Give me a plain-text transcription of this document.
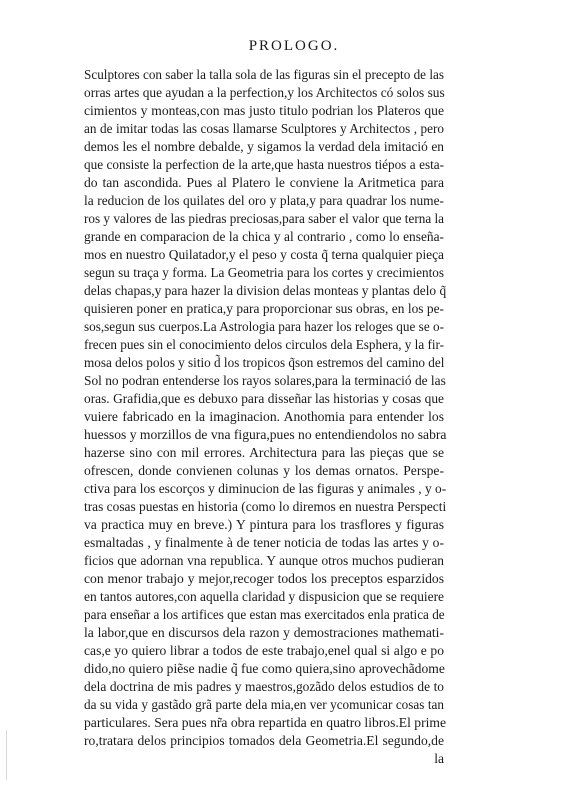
PROLOGO.
Sculptores con saber la talla sola de las figuras sin el precepto de las
orras artes que ayudan a la perfection,y los Architectos có solos sus
cimientos y monteas,con mas justo titulo podrian los Plateros que
an de imitar todas las cosas llamarse Sculptores y Architectos , pero
demos les el nombre debalde, y sigamos la verdad dela imitació en
que consiste la perfection de la arte,que hasta nuestros tiépos a esta-
do tan ascondida. Pues al Platero le conviene la Aritmetica para
la reducion de los quilates del oro y plata,y para quadrar los nume-
ros y valores de las piedras preciosas,para saber el valor que terna la
grande en comparacion de la chica y al contrario , como lo enseña-
mos en nuestro Quilatador,y el peso y costa q̃ terna qualquier pieça
segun su traça y forma. La Geometria para los cortes y crecimientos
delas chapas,y para hazer la division delas monteas y plantas delo q̃
quisieren poner en pratica,y para proporcionar sus obras, en los pe-
sos,segun sus cuerpos.La Astrologia para hazer los reloges que se o-
frecen pues sin el conocimiento delos circulos dela Esphera, y la fir-
mosa delos polos y sitio d̃ los tropicos q̃son estremos del camino del
Sol no podran entenderse los rayos solares,para la terminació de las
oras. Grafidia,que es debuxo para disseñar las historias y cosas que
vuiere fabricado en la imaginacion. Anothomia para entender los
huessos y morzillos de vna figura,pues no entendiendolos no sabra
hazerse sino con mil errores. Architectura para las pieças que se
ofrescen, donde convienen colunas y los demas ornatos. Perspe-
ctiva para los escorços y diminucion de las figuras y animales , y o-
tras cosas puestas en historia (como lo diremos en nuestra Perspecti
va practica muy en breve.) Y pintura para los trasflores y figuras
esmaltadas , y finalmente à de tener noticia de todas las artes y o-
ficios que adornan vna republica. Y aunque otros muchos pudieran
con menor trabajo y mejor,recoger todos los preceptos esparzidos
en tantos autores,con aquella claridad y dispusicion que se requiere
para enseñar a los artifices que estan mas exercitados enla pratica de
la labor,que en discursos dela razon y demostraciones mathemati-
cas,e yo quiero librar a todos de este trabajo,enel qual si algo e po
dido,no quiero piẽse nadie q̃ fue como quiera,sino aprovechãdome
dela doctrina de mis padres y maestros,gozãdo delos estudios de to
da su vida y gastãdo grã parte dela mia,en ver ycomunicar cosas tan
particulares. Sera pues nr̃a obra repartida en quatro libros.El prime
ro,tratara delos principios tomados dela Geometria.El segundo,de
la
